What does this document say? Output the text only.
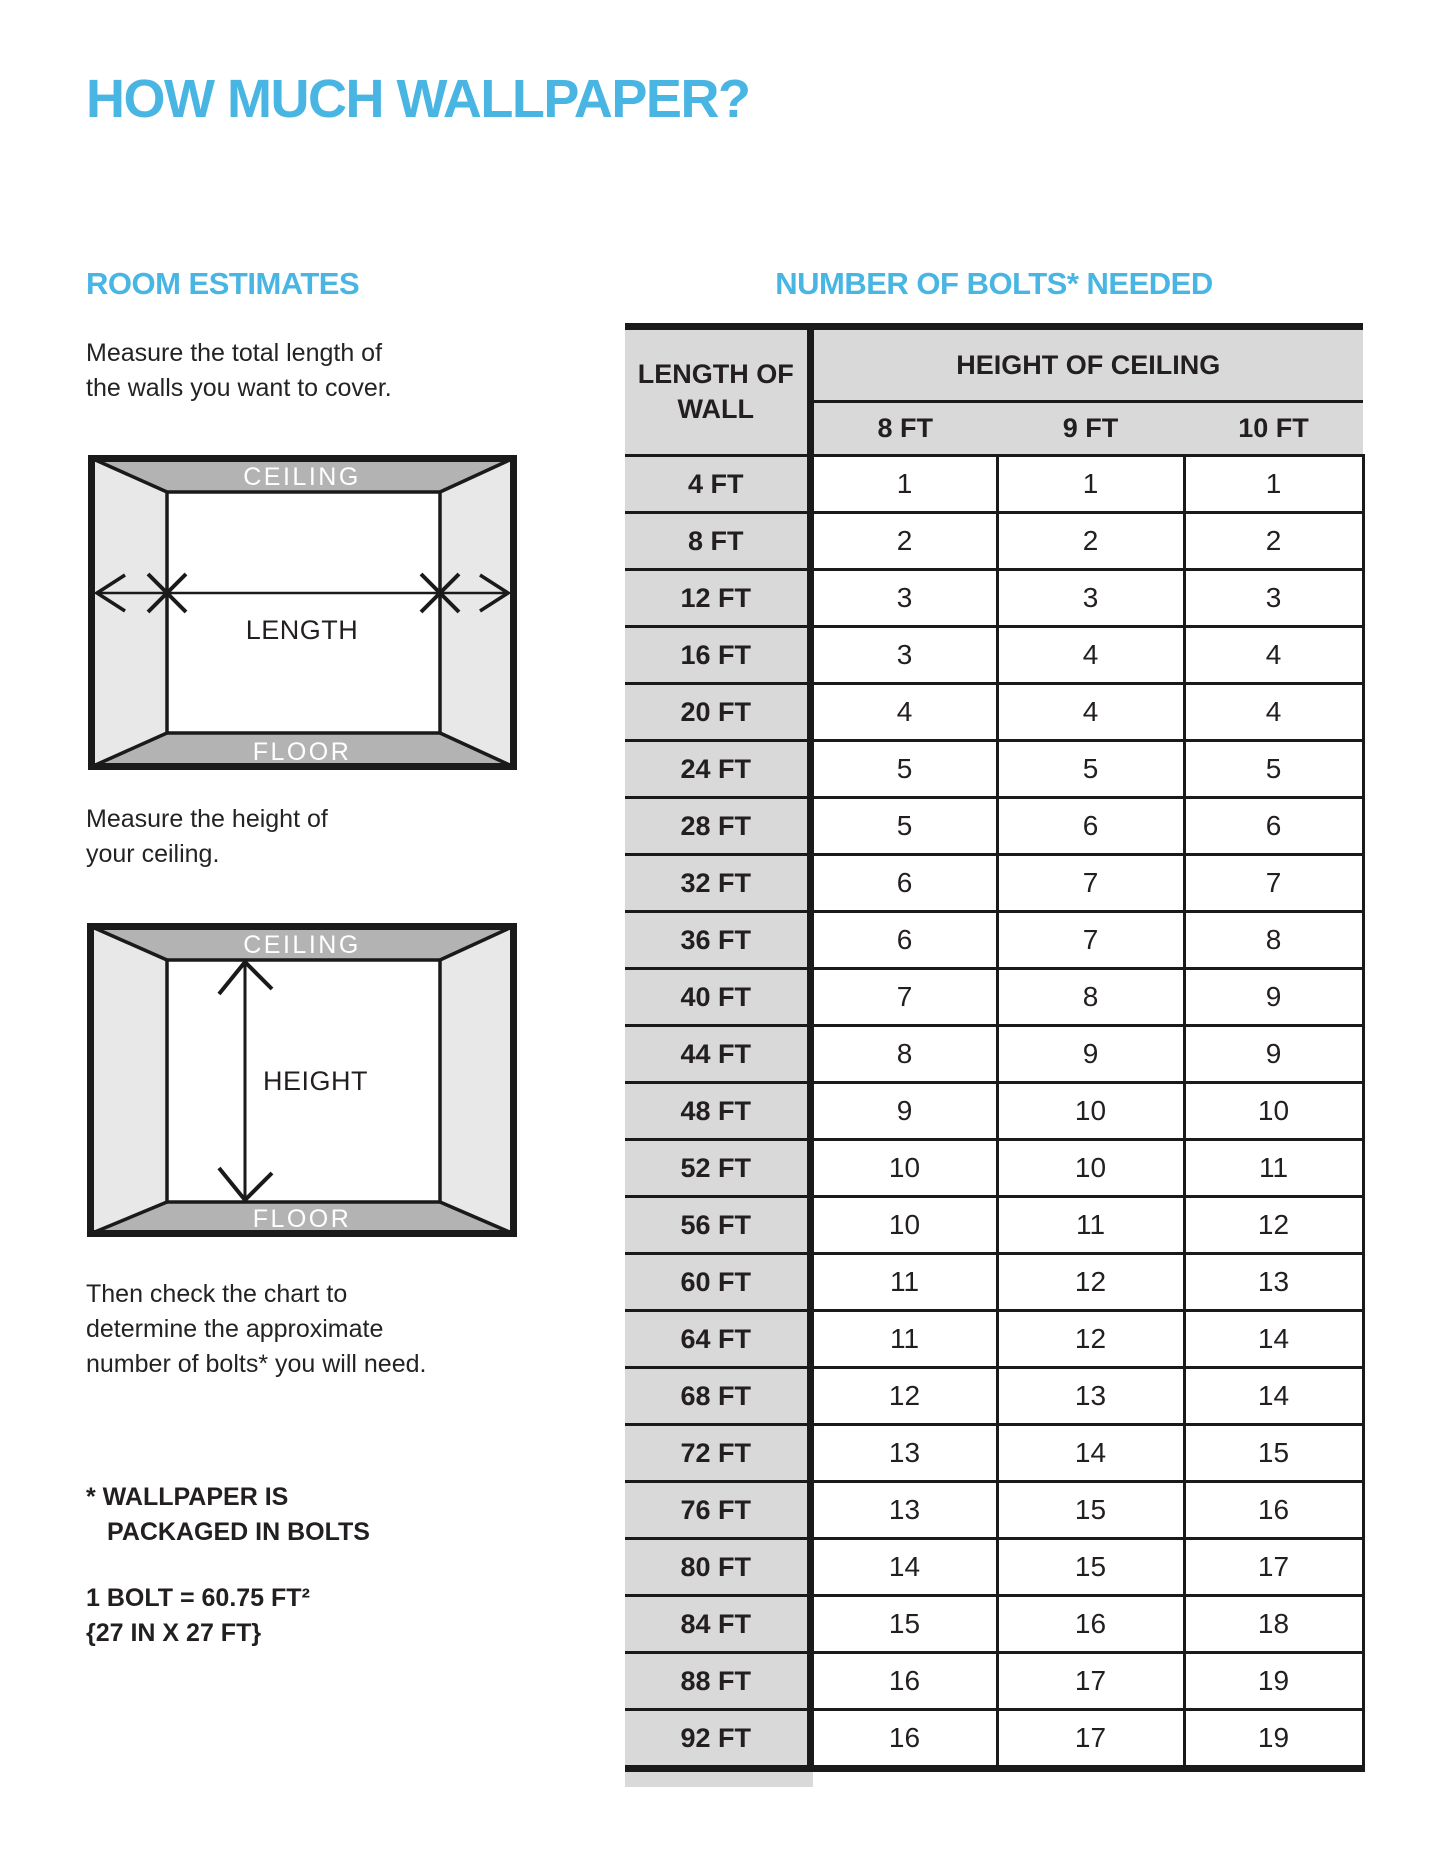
HOW MUCH WALLPAPER?
ROOM ESTIMATES	NUMBER OF BOLTS* NEEDED
Measure the total length of
the walls you want to cover.
CEILING
FLOOR
LENGTH
Measure the height of
your ceiling.
CEILING
FLOOR
HEIGHT
Then check the chart to
determine the approximate
number of bolts* you will need.
* WALLPAPER IS
PACKAGED IN BOLTS
1 BOLT = 60.75 FT²
{27 IN X 27 FT}
LENGTH OF WALL	HEIGHT OF CEILING		
	8 FT	9 FT	10 FT
4 FT	1	1	1
8 FT	2	2	2
12 FT	3	3	3
16 FT	3	4	4
20 FT	4	4	4
24 FT	5	5	5
28 FT	5	6	6
32 FT	6	7	7
36 FT	6	7	8
40 FT	7	8	9
44 FT	8	9	9
48 FT	9	10	10
52 FT	10	10	11
56 FT	10	11	12
60 FT	11	12	13
64 FT	11	12	14
68 FT	12	13	14
72 FT	13	14	15
76 FT	13	15	16
80 FT	14	15	17
84 FT	15	16	18
88 FT	16	17	19
92 FT	16	17	19
